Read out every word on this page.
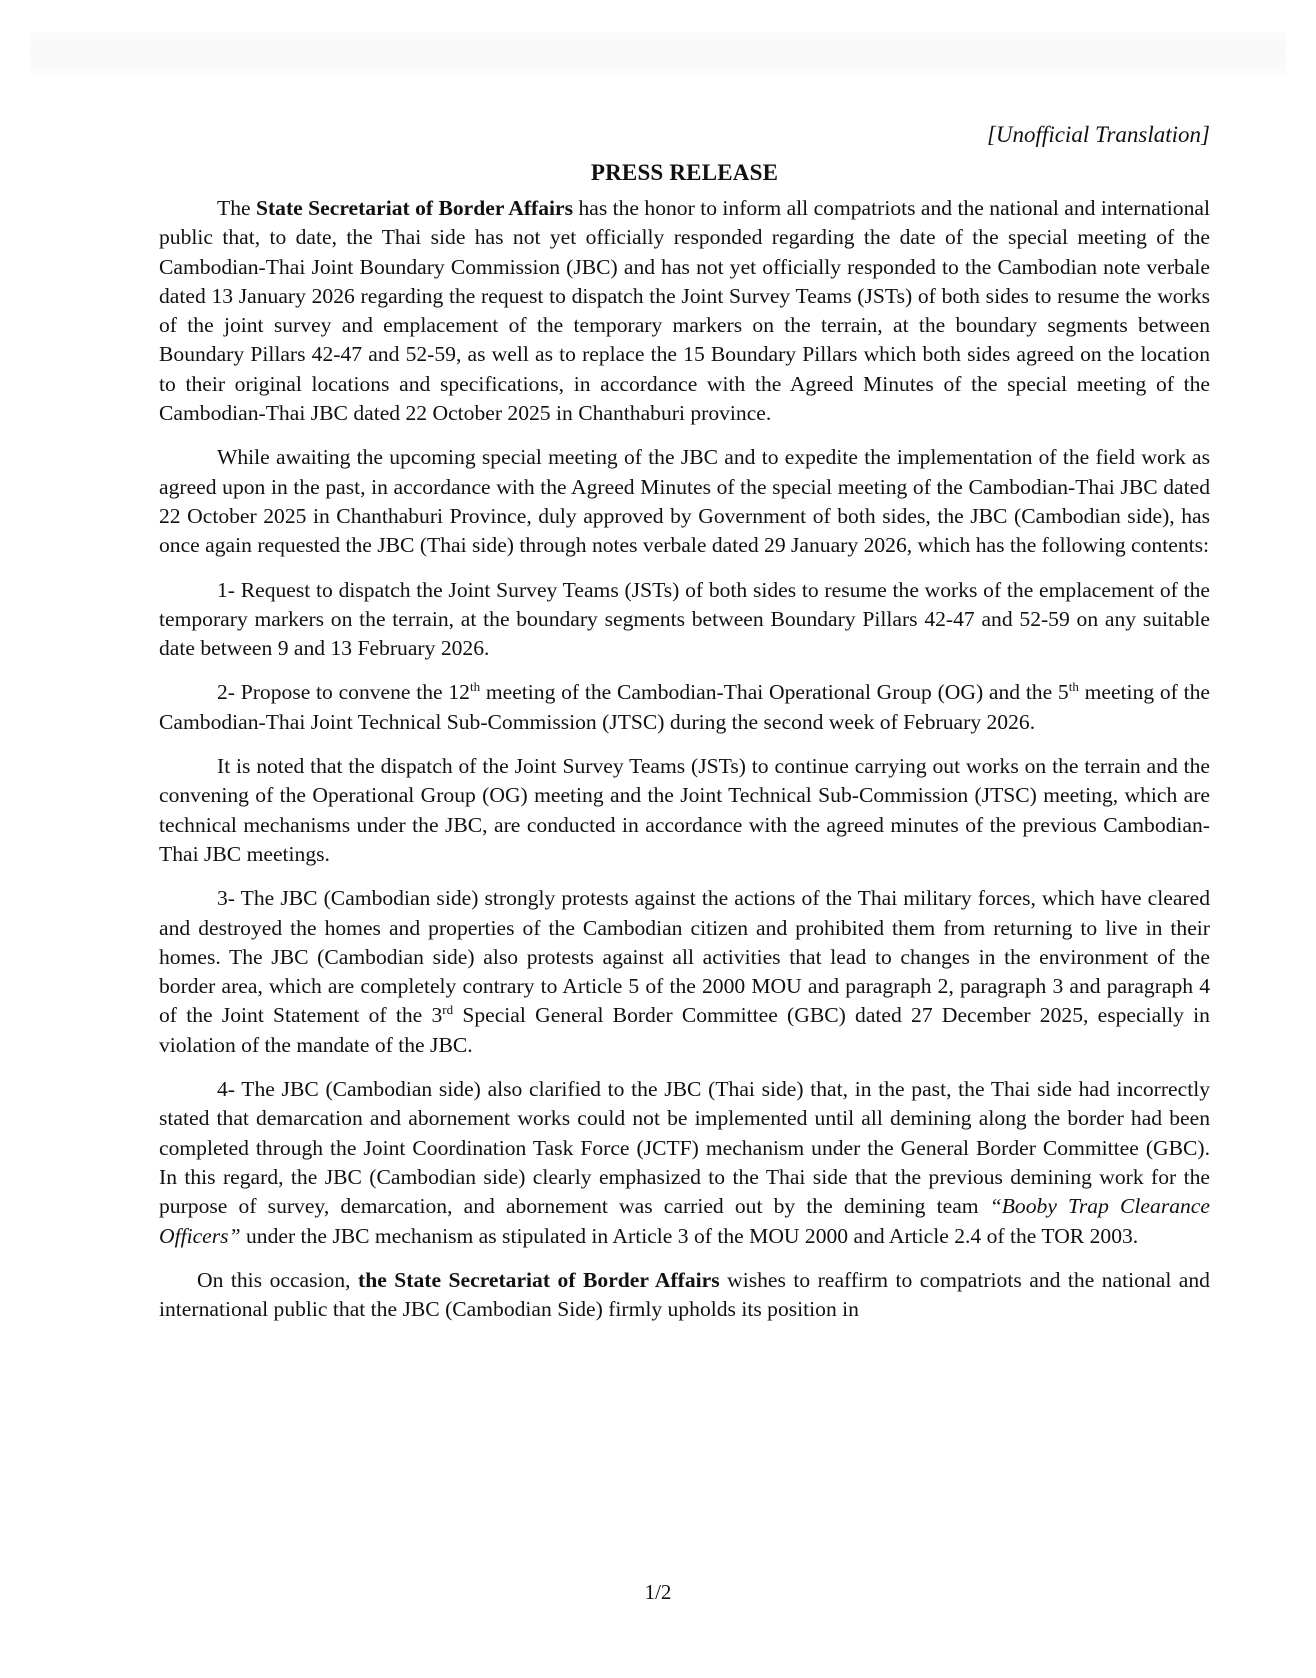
[Unofficial Translation]

PRESS RELEASE

The State Secretariat of Border Affairs has the honor to inform all compatriots and the national and international public that, to date, the Thai side has not yet officially responded regarding the date of the special meeting of the Cambodian-Thai Joint Boundary Commission (JBC) and has not yet officially responded to the Cambodian note verbale dated 13 January 2026 regarding the request to dispatch the Joint Survey Teams (JSTs) of both sides to resume the works of the joint survey and emplacement of the temporary markers on the terrain, at the boundary segments between Boundary Pillars 42-47 and 52-59, as well as to replace the 15 Boundary Pillars which both sides agreed on the location to their original locations and specifications, in accordance with the Agreed Minutes of the special meeting of the Cambodian-Thai JBC dated 22 October 2025 in Chanthaburi province.

While awaiting the upcoming special meeting of the JBC and to expedite the implementation of the field work as agreed upon in the past, in accordance with the Agreed Minutes of the special meeting of the Cambodian-Thai JBC dated 22 October 2025 in Chanthaburi Province, duly approved by Government of both sides, the JBC (Cambodian side), has once again requested the JBC (Thai side) through notes verbale dated 29 January 2026, which has the following contents:

1- Request to dispatch the Joint Survey Teams (JSTs) of both sides to resume the works of the emplacement of the temporary markers on the terrain, at the boundary segments between Boundary Pillars 42-47 and 52-59 on any suitable date between 9 and 13 February 2026.

2- Propose to convene the 12th meeting of the Cambodian-Thai Operational Group (OG) and the 5th meeting of the Cambodian-Thai Joint Technical Sub-Commission (JTSC) during the second week of February 2026.

It is noted that the dispatch of the Joint Survey Teams (JSTs) to continue carrying out works on the terrain and the convening of the Operational Group (OG) meeting and the Joint Technical Sub-Commission (JTSC) meeting, which are technical mechanisms under the JBC, are conducted in accordance with the agreed minutes of the previous Cambodian-Thai JBC meetings.

3- The JBC (Cambodian side) strongly protests against the actions of the Thai military forces, which have cleared and destroyed the homes and properties of the Cambodian citizen and prohibited them from returning to live in their homes. The JBC (Cambodian side) also protests against all activities that lead to changes in the environment of the border area, which are completely contrary to Article 5 of the 2000 MOU and paragraph 2, paragraph 3 and paragraph 4 of the Joint Statement of the 3rd Special General Border Committee (GBC) dated 27 December 2025, especially in violation of the mandate of the JBC.

4- The JBC (Cambodian side) also clarified to the JBC (Thai side) that, in the past, the Thai side had incorrectly stated that demarcation and abornement works could not be implemented until all demining along the border had been completed through the Joint Coordination Task Force (JCTF) mechanism under the General Border Committee (GBC). In this regard, the JBC (Cambodian side) clearly emphasized to the Thai side that the previous demining work for the purpose of survey, demarcation, and abornement was carried out by the demining team “Booby Trap Clearance Officers” under the JBC mechanism as stipulated in Article 3 of the MOU 2000 and Article 2.4 of the TOR 2003.

On this occasion, the State Secretariat of Border Affairs wishes to reaffirm to compatriots and the national and international public that the JBC (Cambodian Side) firmly upholds its position in

1/2
